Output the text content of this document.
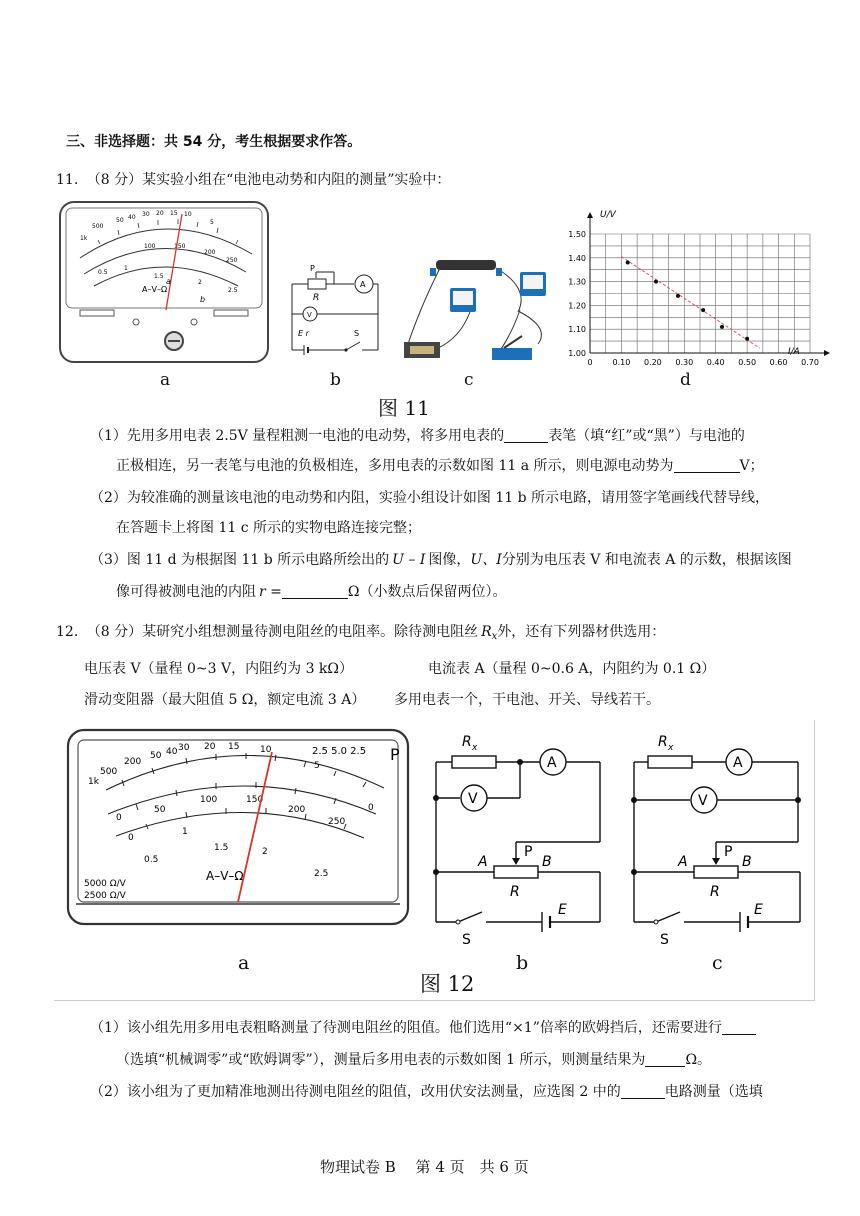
三、非选择题：共 54 分，考生根据要求作答。
11. （8 分）某实验小组在“电池电动势和内阻的测量”实验中：
500
1k
50 40 30 20 15 10
5
100	150
200
250
0.5
1
1.5
2
2.5
A–V–Ω
a
b
P
R
A
V
E r	S
1.00
1.10
1.20
1.30
1.40
1.50
0 0.10 0.20 0.30 0.40 0.50 0.60 0.70
U/V
I/A
a	b	c	d
图 11
（1）先用多用电表 2.5V 量程粗测一电池的电动势，将多用电表的	表笔（填“红”或“黑”）与电池的
正极相连，另一表笔与电池的负极相连，多用电表的示数如图 11 a 所示，则电源电动势为	V；
（2）为较准确的测量该电池的电动势和内阻，实验小组设计如图 11 b 所示电路，请用签字笔画线代替导线，
在答题卡上将图 11 c 所示的实物电路连接完整；
（3）图 11 d 为根据图 11 b 所示电路所绘出的 U – I 图像，U、I分别为电压表 V 和电流表 A 的示数，根据该图
像可得被测电池的内阻 r =	Ω（小数点后保留两位）。
12. （8 分）某研究小组想测量待测电阻丝的电阻率。除待测电阻丝 $R_x$外，还有下列器材供选用：
电压表 V（量程 0~3 V，内阻约为 3 kΩ）	电流表 A（量程 0~0.6 A，内阻约为 0.1 Ω）
滑动变阻器（最大阻值 5 Ω，额定电流 3 A） 多用电表一个，干电池、开关、导线若干。
1k
500
200
50 40 30 20 15 10
5
0
0
50
100	150
200
250
0
0.5
1
1.5	2
2.5
2.5 5.0 2.5 P
A–V–Ω
5000 Ω/V
2500 Ω/V
R x
A
V
P
A	B
R
E
S
R x
A
V
P
A	B
R
E
S
a	b	c
图 12
（1）该小组先用多用电表粗略测量了待测电阻丝的阻值。他们选用“×1”倍率的欧姆挡后，还需要进行
（选填“机械调零”或“欧姆调零”），测量后多用电表的示数如图 1 所示，则测量结果为	Ω。
（2）该小组为了更加精准地测出待测电阻丝的阻值，改用伏安法测量，应选图 2 中的	电路测量（选填
物理试卷 B　 第 4 页　共 6 页
